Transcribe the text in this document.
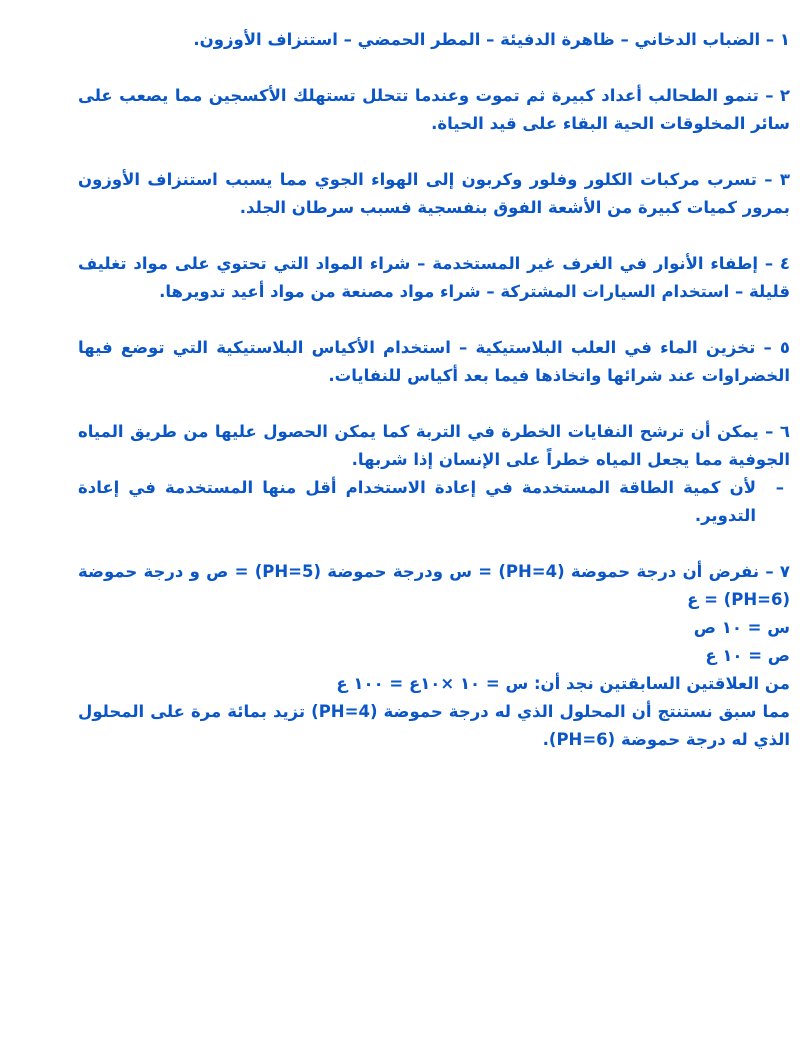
١ – الضباب الدخاني – ظاهرة الدفيئة – المطر الحمضي – استنزاف الأوزون.

٢ – تنمو الطحالب أعداد كبيرة ثم تموت وعندما تتحلل تستهلك الأكسجين مما يصعب على سائر المخلوقات الحية البقاء على قيد الحياة.

٣ – تسرب مركبات الكلور وفلور وكربون إلى الهواء الجوي مما يسبب استنزاف الأوزون بمرور كميات كبيرة من الأشعة الفوق بنفسجية فسبب سرطان الجلد.

٤ – إطفاء الأنوار في الغرف غير المستخدمة – شراء المواد التي تحتوي على مواد تغليف قليلة – استخدام السيارات المشتركة – شراء مواد مصنعة من مواد أعيد تدويرها.

٥ – تخزين الماء في العلب البلاستيكية – استخدام الأكياس البلاستيكية التي توضع فيها الخضراوات عند شرائها واتخاذها فيما بعد أكياس للنفايات.

٦ – يمكن أن ترشح النفايات الخطرة في التربة كما يمكن الحصول عليها من طريق المياه الجوفية مما يجعل المياه خطراً على الإنسان إذا شربها.

–
لأن كمية الطاقة المستخدمة في إعادة الاستخدام أقل منها المستخدمة في إعادة التدوير.

٧ – نفرض أن درجة حموضة (PH=4) = س ودرجة حموضة (PH=5) = ص و درجة حموضة (PH=6) = ع

س = ١٠ ص

ص = ١٠ ع

من العلاقتين السابقتين نجد أن: س = ١٠ ×١٠ع = ١٠٠ ع

مما سبق نستنتج أن المحلول الذي له درجة حموضة (PH=4) تزيد بمائة مرة على المحلول الذي له درجة حموضة (PH=6).
